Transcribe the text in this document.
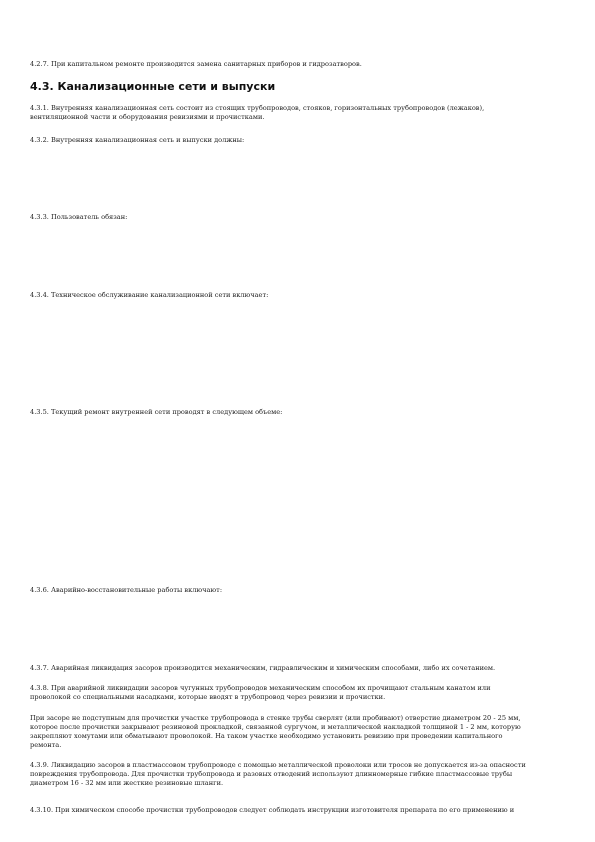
4.2.7. При капитальном ремонте производится замена санитарных приборов и гидрозатворов.
4.3. Канализационные сети и выпуски
4.3.1. Внутренняя канализационная сеть состоит из стоящих трубопроводов, стояков, горизонтальных трубопроводов (лежаков),
вентиляционной части и оборудования ревизиями и прочистками.
4.3.2. Внутренняя канализационная сеть и выпуски должны:
4.3.3. Пользователь обязан:
4.3.4. Техническое обслуживание канализационной сети включает:
4.3.5. Текущий ремонт внутренней сети проводят в следующем объеме:
4.3.6. Аварийно-восстановительные работы включают:
4.3.7. Аварийная ликвидация засоров производится механическим, гидравлическим и химическим способами, либо их сочетанием.
4.3.8. При аварийной ликвидации засоров чугунных трубопроводов механическим способом их прочищают стальным канатом или
проволокой со специальными насадками, которые вводят в трубопровод через ревизии и прочистки.
При засоре не подступным для прочистки участке трубопровода в стенке трубы сверлят (или пробивают) отверстие диаметром 20 - 25 мм,
которое после прочистки закрывают резиновой прокладкой, связанной сургучом, и металлической накладкой толщиной 1 - 2 мм, которую
закрепляют хомутами или обматывают проволокой. На таком участке необходимо установить ревизию при проведении капитального
ремонта.
4.3.9. Ликвидацию засоров в пластмассовом трубопроводе с помощью металлической проволоки или тросов не допускается из-за опасности
повреждения трубопровода. Для прочистки трубопровода и разовых отводений используют длинномерные гибкие пластмассовые трубы
диаметром 16 - 32 мм или жесткие резиновые шланги.
4.3.10. При химическом способе прочистки трубопроводов следует соблюдать инструкции изготовителя препарата по его применению и
